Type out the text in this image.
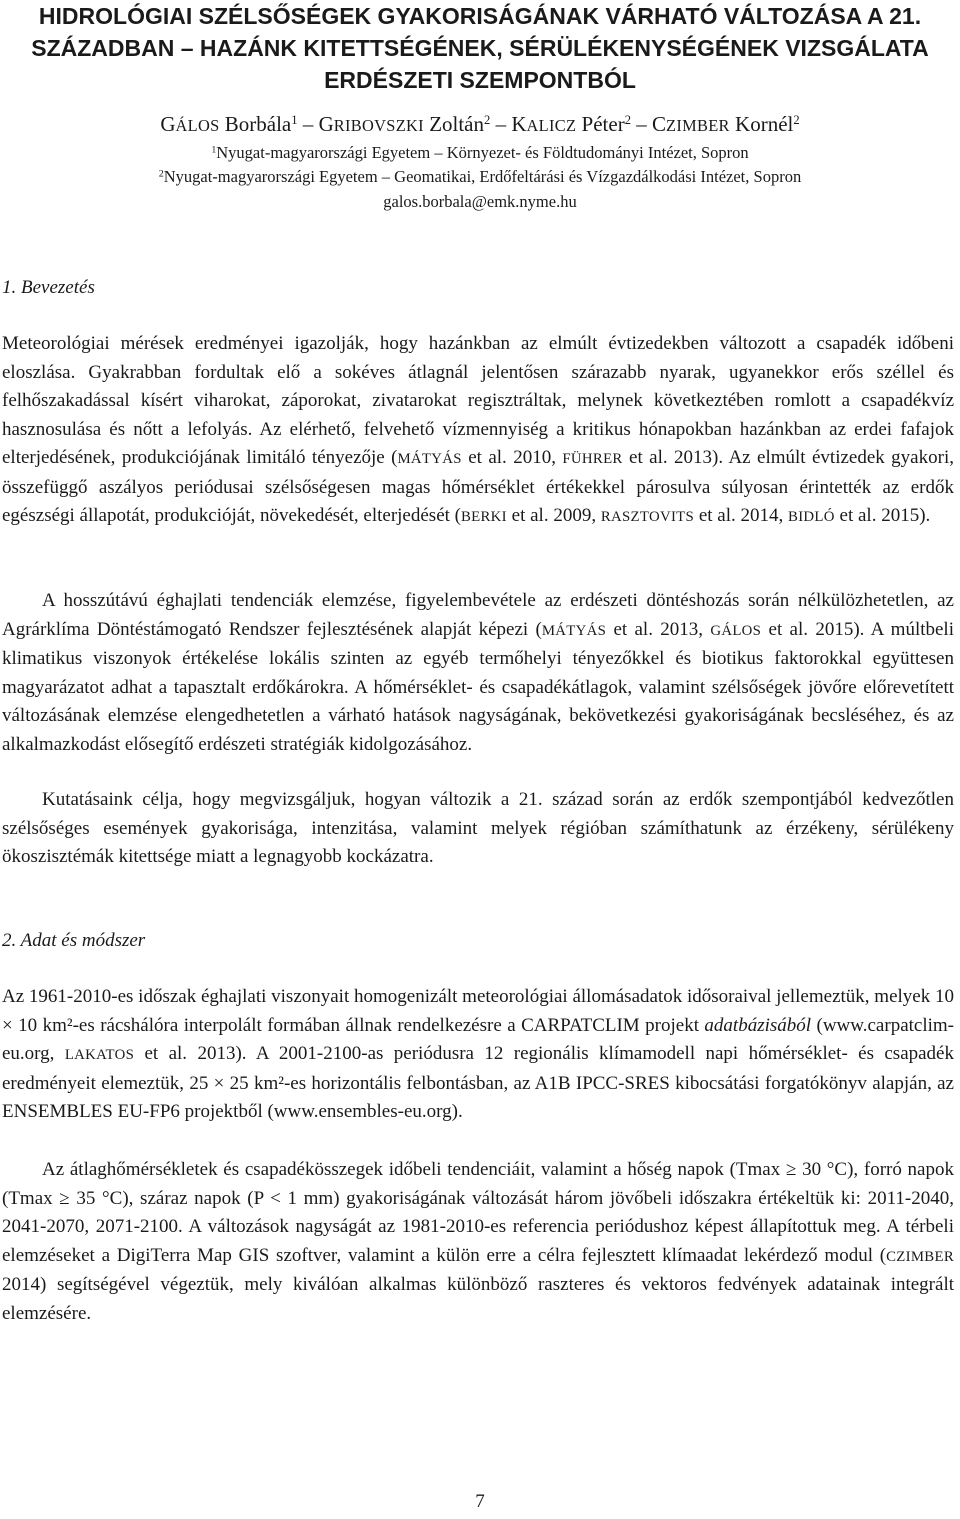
HIDROLÓGIAI SZÉLSŐSÉGEK GYAKORISÁGÁNAK VÁRHATÓ VÁLTOZÁSA A 21. SZÁZADBAN – HAZÁNK KITETTSÉGÉNEK, SÉRÜLÉKENYSÉGÉNEK VIZSGÁLATA ERDÉSZETI SZEMPONTBÓL
GÁLOS Borbála$^1$ – GRIBOVSZKI Zoltán$^2$ – KALICZ Péter$^2$ – CZIMBER Kornél$^2$
$^1$Nyugat-magyarországi Egyetem – Környezet- és Földtudományi Intézet, Sopron
$^2$Nyugat-magyarországi Egyetem – Geomatikai, Erdőfeltárási és Vízgazdálkodási Intézet, Sopron
galos.borbala@emk.nyme.hu
1. Bevezetés

Meteorológiai mérések eredményei igazolják, hogy hazánkban az elmúlt évtizedekben változott a csapadék időbeni eloszlása. Gyakrabban fordultak elő a sokéves átlagnál jelentősen szárazabb nyarak, ugyanekkor erős széllel és felhőszakadással kísért viharokat, záporokat, zivatarokat regisztráltak, melynek következtében romlott a csapadékvíz hasznosulása és nőtt a lefolyás. Az elérhető, felvehető vízmennyiség a kritikus hónapokban hazánkban az erdei fafajok elterjedésének, produkciójának limitáló tényezője (MÁTYÁS et al. 2010, FÜHRER et al. 2013). Az elmúlt évtizedek gyakori, összefüggő aszályos periódusai szélsőségesen magas hőmérséklet értékekkel párosulva súlyosan érintették az erdők egészségi állapotát, produkcióját, növekedését, elterjedését (BERKI et al. 2009, RASZTOVITS et al. 2014, BIDLÓ et al. 2015).

A hosszútávú éghajlati tendenciák elemzése, figyelembevétele az erdészeti döntéshozás során nélkülözhetetlen, az Agrárklíma Döntéstámogató Rendszer fejlesztésének alapját képezi (MÁTYÁS et al. 2013, GÁLOS et al. 2015). A múltbeli klimatikus viszonyok értékelése lokális szinten az egyéb termőhelyi tényezőkkel és biotikus faktorokkal együttesen magyarázatot adhat a tapasztalt erdőkárokra. A hőmérséklet- és csapadékátlagok, valamint szélsőségek jövőre előrevetített változásának elemzése elengedhetetlen a várható hatások nagyságának, bekövetkezési gyakoriságának becsléséhez, és az alkalmazkodást elősegítő erdészeti stratégiák kidolgozásához.

Kutatásaink célja, hogy megvizsgáljuk, hogyan változik a 21. század során az erdők szempontjából kedvezőtlen szélsőséges események gyakorisága, intenzitása, valamint melyek régióban számíthatunk az érzékeny, sérülékeny ökoszisztémák kitettsége miatt a legnagyobb kockázatra.

2. Adat és módszer

Az 1961-2010-es időszak éghajlati viszonyait homogenizált meteorológiai állomásadatok idősoraival jellemeztük, melyek 10 × 10 km²-es rácshálóra interpolált formában állnak rendelkezésre a CARPATCLIM projekt adatbázisából (www.carpatclim-eu.org, LAKATOS et al. 2013). A 2001-2100-as periódusra 12 regionális klímamodell napi hőmérséklet- és csapadék eredményeit elemeztük, 25 × 25 km²-es horizontális felbontásban, az A1B IPCC-SRES kibocsátási forgatókönyv alapján, az ENSEMBLES EU-FP6 projektből (www.ensembles-eu.org).

Az átlaghőmérsékletek és csapadékösszegek időbeli tendenciáit, valamint a hőség napok (Tmax ≥ 30 °C), forró napok (Tmax ≥ 35 °C), száraz napok (P < 1 mm) gyakoriságának változását három jövőbeli időszakra értékeltük ki: 2011-2040, 2041-2070, 2071-2100. A változások nagyságát az 1981-2010-es referencia periódushoz képest állapítottuk meg. A térbeli elemzéseket a DigiTerra Map GIS szoftver, valamint a külön erre a célra fejlesztett klímaadat lekérdező modul (CZIMBER 2014) segítségével végeztük, mely kiválóan alkalmas különböző raszteres és vektoros fedvények adatainak integrált elemzésére.

7
